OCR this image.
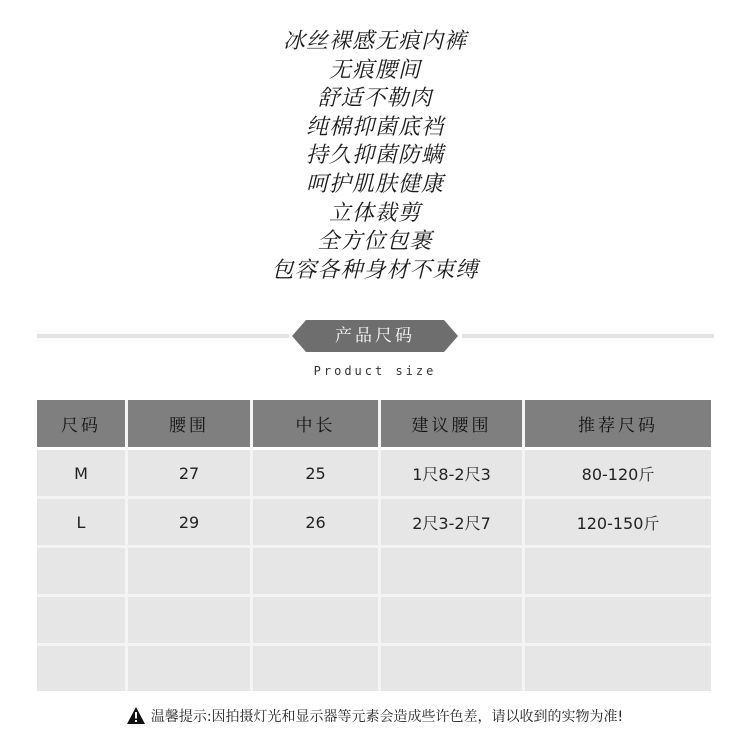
冰丝裸感无痕内裤
无痕腰间
舒适不勒肉
纯棉抑菌底裆
持久抑菌防螨
呵护肌肤健康
立体裁剪
全方位包裹
包容各种身材不束缚
产品尺码
Product size
尺码	腰围	中长	建议腰围	推荐尺码
M	27	25	1尺8-2尺3	80-120斤
L	29	26	2尺3-2尺7	120-150斤
温馨提示:因拍摄灯光和显示器等元素会造成些许色差，请以收到的实物为准!
